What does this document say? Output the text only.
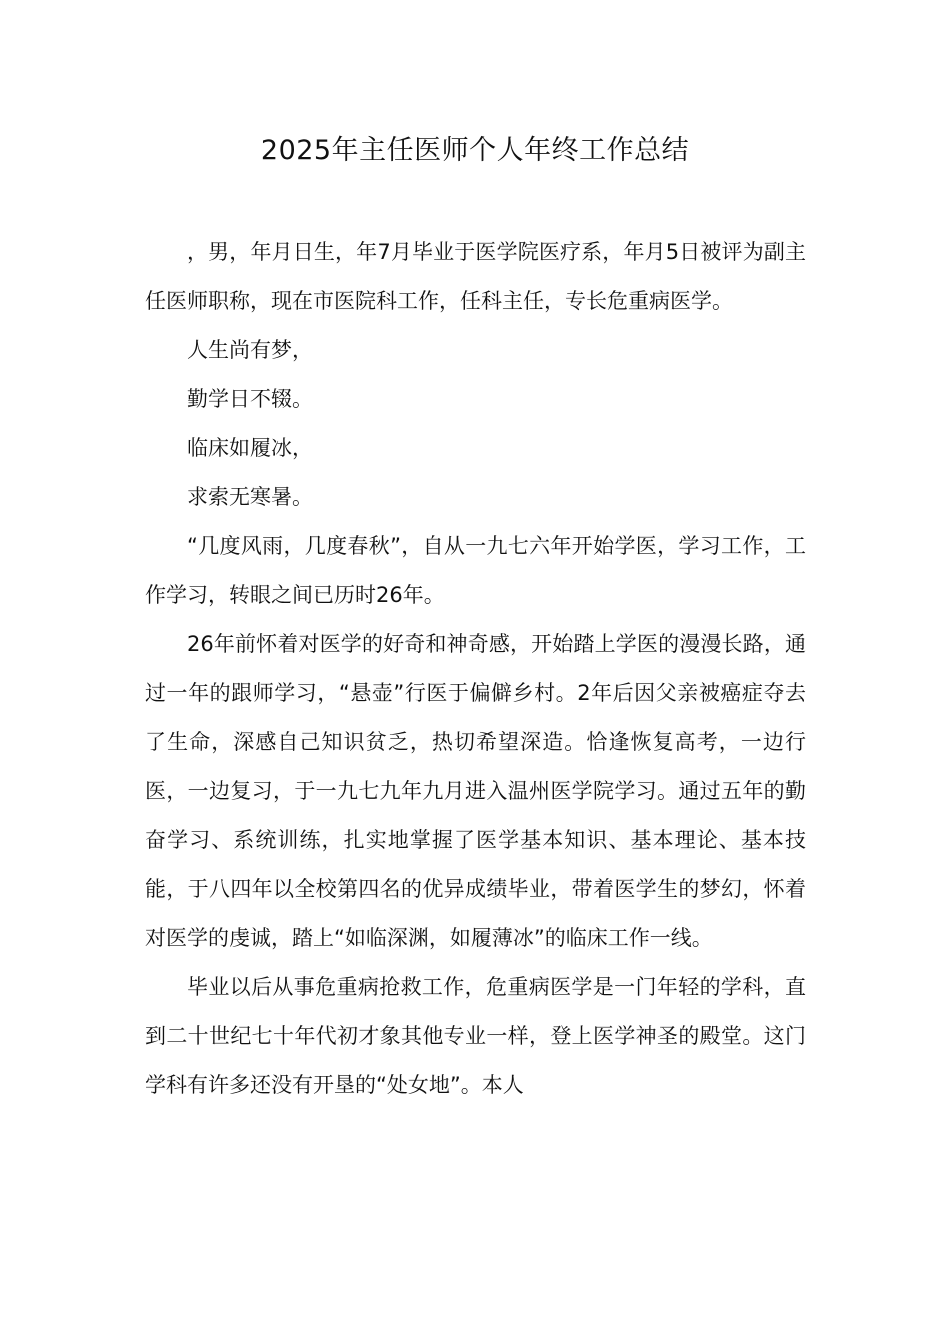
2025年主任医师个人年终工作总结

，男，年月日生，年7月毕业于医学院医疗系，年月5日被评为副主任医师职称，现在市医院科工作，任科主任，专长危重病医学。

人生尚有梦，

勤学日不辍。

临床如履冰，

求索无寒暑。

“几度风雨，几度春秋”，自从一九七六年开始学医，学习工作，工作学习，转眼之间已历时26年。

26年前怀着对医学的好奇和神奇感，开始踏上学医的漫漫长路，通过一年的跟师学习，“悬壶”行医于偏僻乡村。2年后因父亲被癌症夺去了生命，深感自己知识贫乏，热切希望深造。恰逢恢复高考，一边行医，一边复习，于一九七九年九月进入温州医学院学习。通过五年的勤奋学习、系统训练，扎实地掌握了医学基本知识、基本理论、基本技能，于八四年以全校第四名的优异成绩毕业，带着医学生的梦幻，怀着对医学的虔诚，踏上“如临深渊，如履薄冰”的临床工作一线。

毕业以后从事危重病抢救工作，危重病医学是一门年轻的学科，直到二十世纪七十年代初才象其他专业一样，登上医学神圣的殿堂。这门学科有许多还没有开垦的“处女地”。本人
